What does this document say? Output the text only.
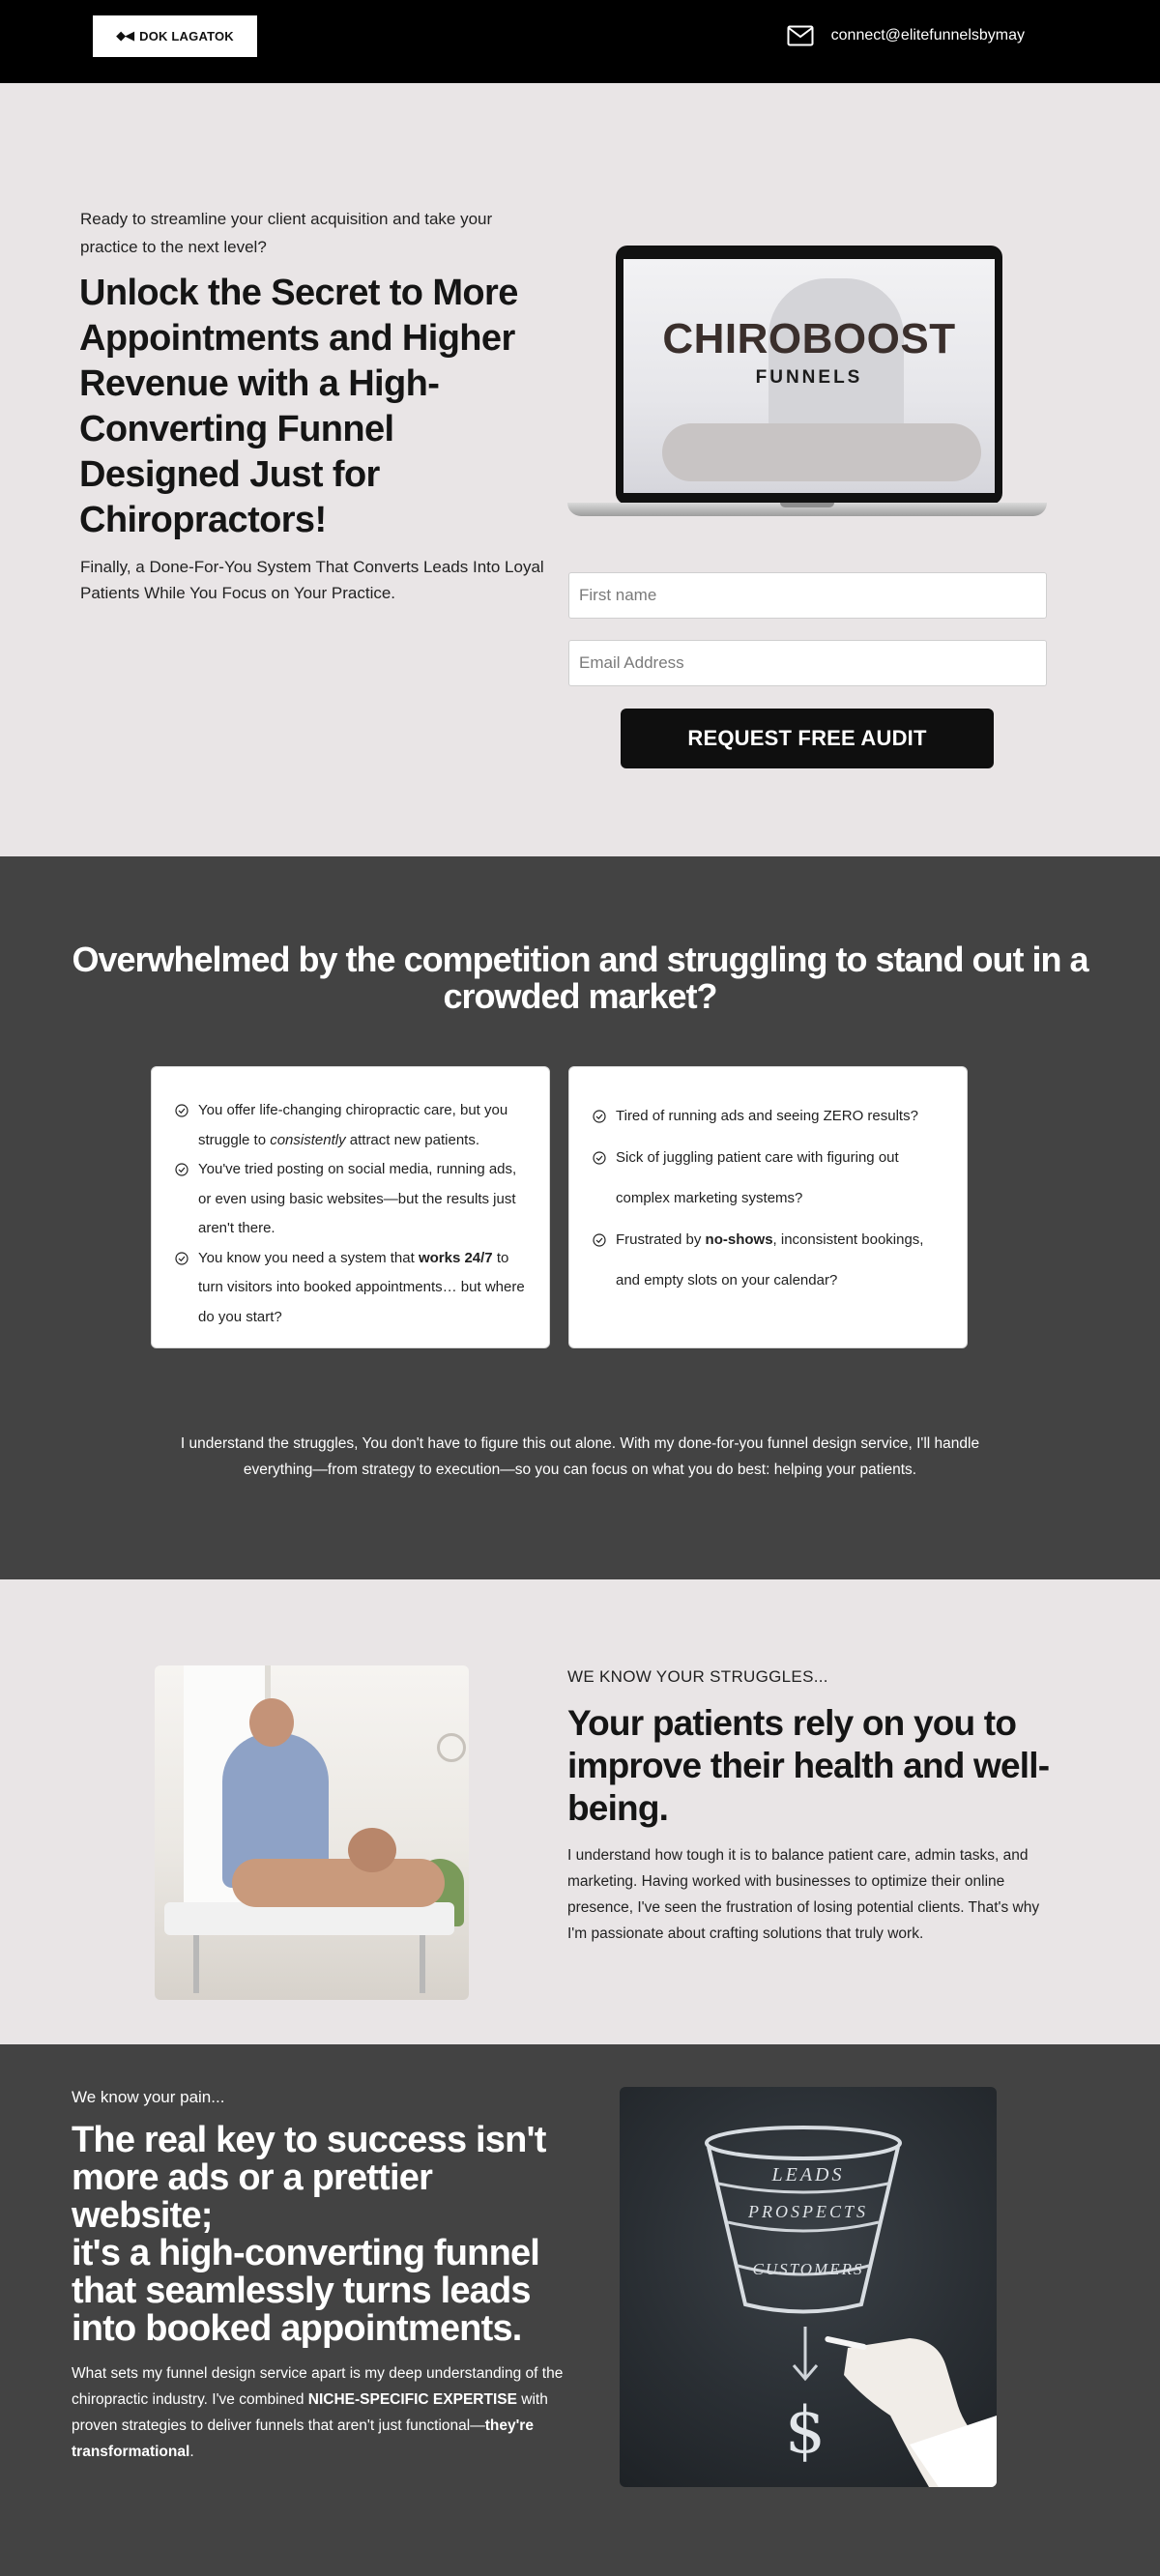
◆◀ DOK LAGATOK	connect@elitefunnelsbymay

Ready to streamline your client acquisition and take your practice to the next level?

Unlock the Secret to More Appointments and Higher Revenue with a High-Converting Funnel Designed Just for Chiropractors!

Finally, a Done-For-You System That Converts Leads Into Loyal Patients While You Focus on Your Practice.

CHIROBOOST
FUNNELS
First name
Email Address
REQUEST FREE AUDIT
Overwhelmed by the competition and struggling to stand out in a crowded market?
You offer life-changing chiropractic care, but you struggle to consistently attract new patients.
You've tried posting on social media, running ads, or even using basic websites—but the results just aren't there.
You know you need a system that works 24/7 to turn visitors into booked appointments… but where do you start?
Tired of running ads and seeing ZERO results?
Sick of juggling patient care with figuring out complex marketing systems?
Frustrated by no-shows, inconsistent bookings, and empty slots on your calendar?

I understand the struggles, You don't have to figure this out alone. With my done-for-you funnel design service, I'll handle everything—from strategy to execution—so you can focus on what you do best: helping your patients.

WE KNOW YOUR STRUGGLES...
Your patients rely on you to improve their health and well-being.

I understand how tough it is to balance patient care, admin tasks, and marketing. Having worked with businesses to optimize their online presence, I've seen the frustration of losing potential clients. That's why I'm passionate about crafting solutions that truly work.

We know your pain...
The real key to success isn't more ads or a prettier website;
it's a high-converting funnel that seamlessly turns leads into booked appointments.

What sets my funnel design service apart is my deep understanding of the chiropractic industry. I've combined NICHE-SPECIFIC EXPERTISE with proven strategies to deliver funnels that aren't just functional—they're transformational.

LEADS
PROSPECTS
CUSTOMERS
$
